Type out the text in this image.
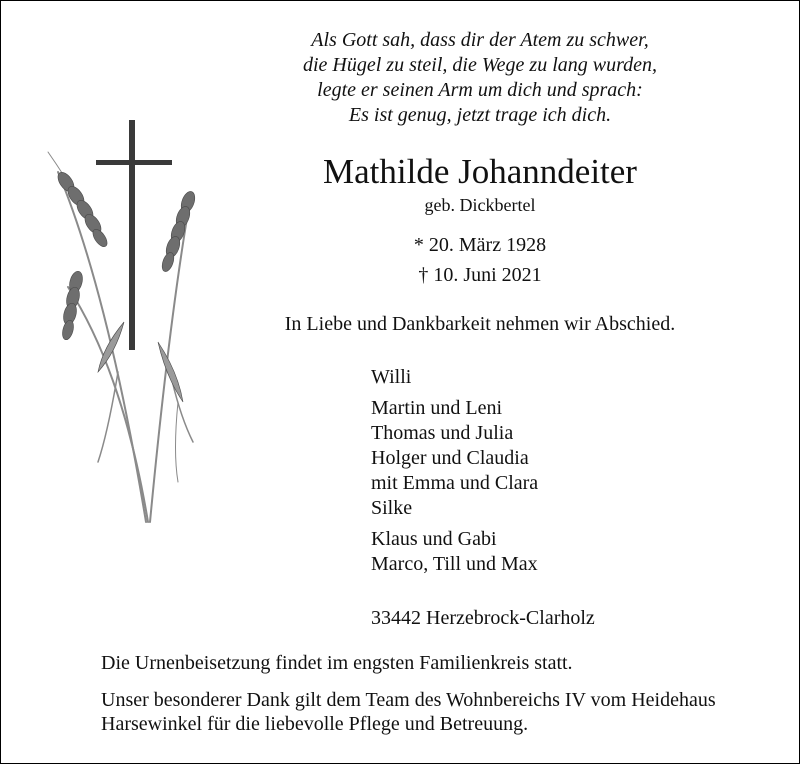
Als Gott sah, dass dir der Atem zu schwer,
die Hügel zu steil, die Wege zu lang wurden,
legte er seinen Arm um dich und sprach:
Es ist genug, jetzt trage ich dich.
Mathilde Johanndeiter
geb. Dickbertel
* 20. März 1928
† 10. Juni 2021
In Liebe und Dankbarkeit nehmen wir Abschied.
Willi
Martin und Leni
Thomas und Julia
Holger und Claudia
mit Emma und Clara
Silke
Klaus und Gabi
Marco, Till und Max
33442 Herzebrock-Clarholz
Die Urnenbeisetzung findet im engsten Familienkreis statt.
Unser besonderer Dank gilt dem Team des Wohnbereichs IV vom Heidehaus
Harsewinkel für die liebevolle Pflege und Betreuung.
